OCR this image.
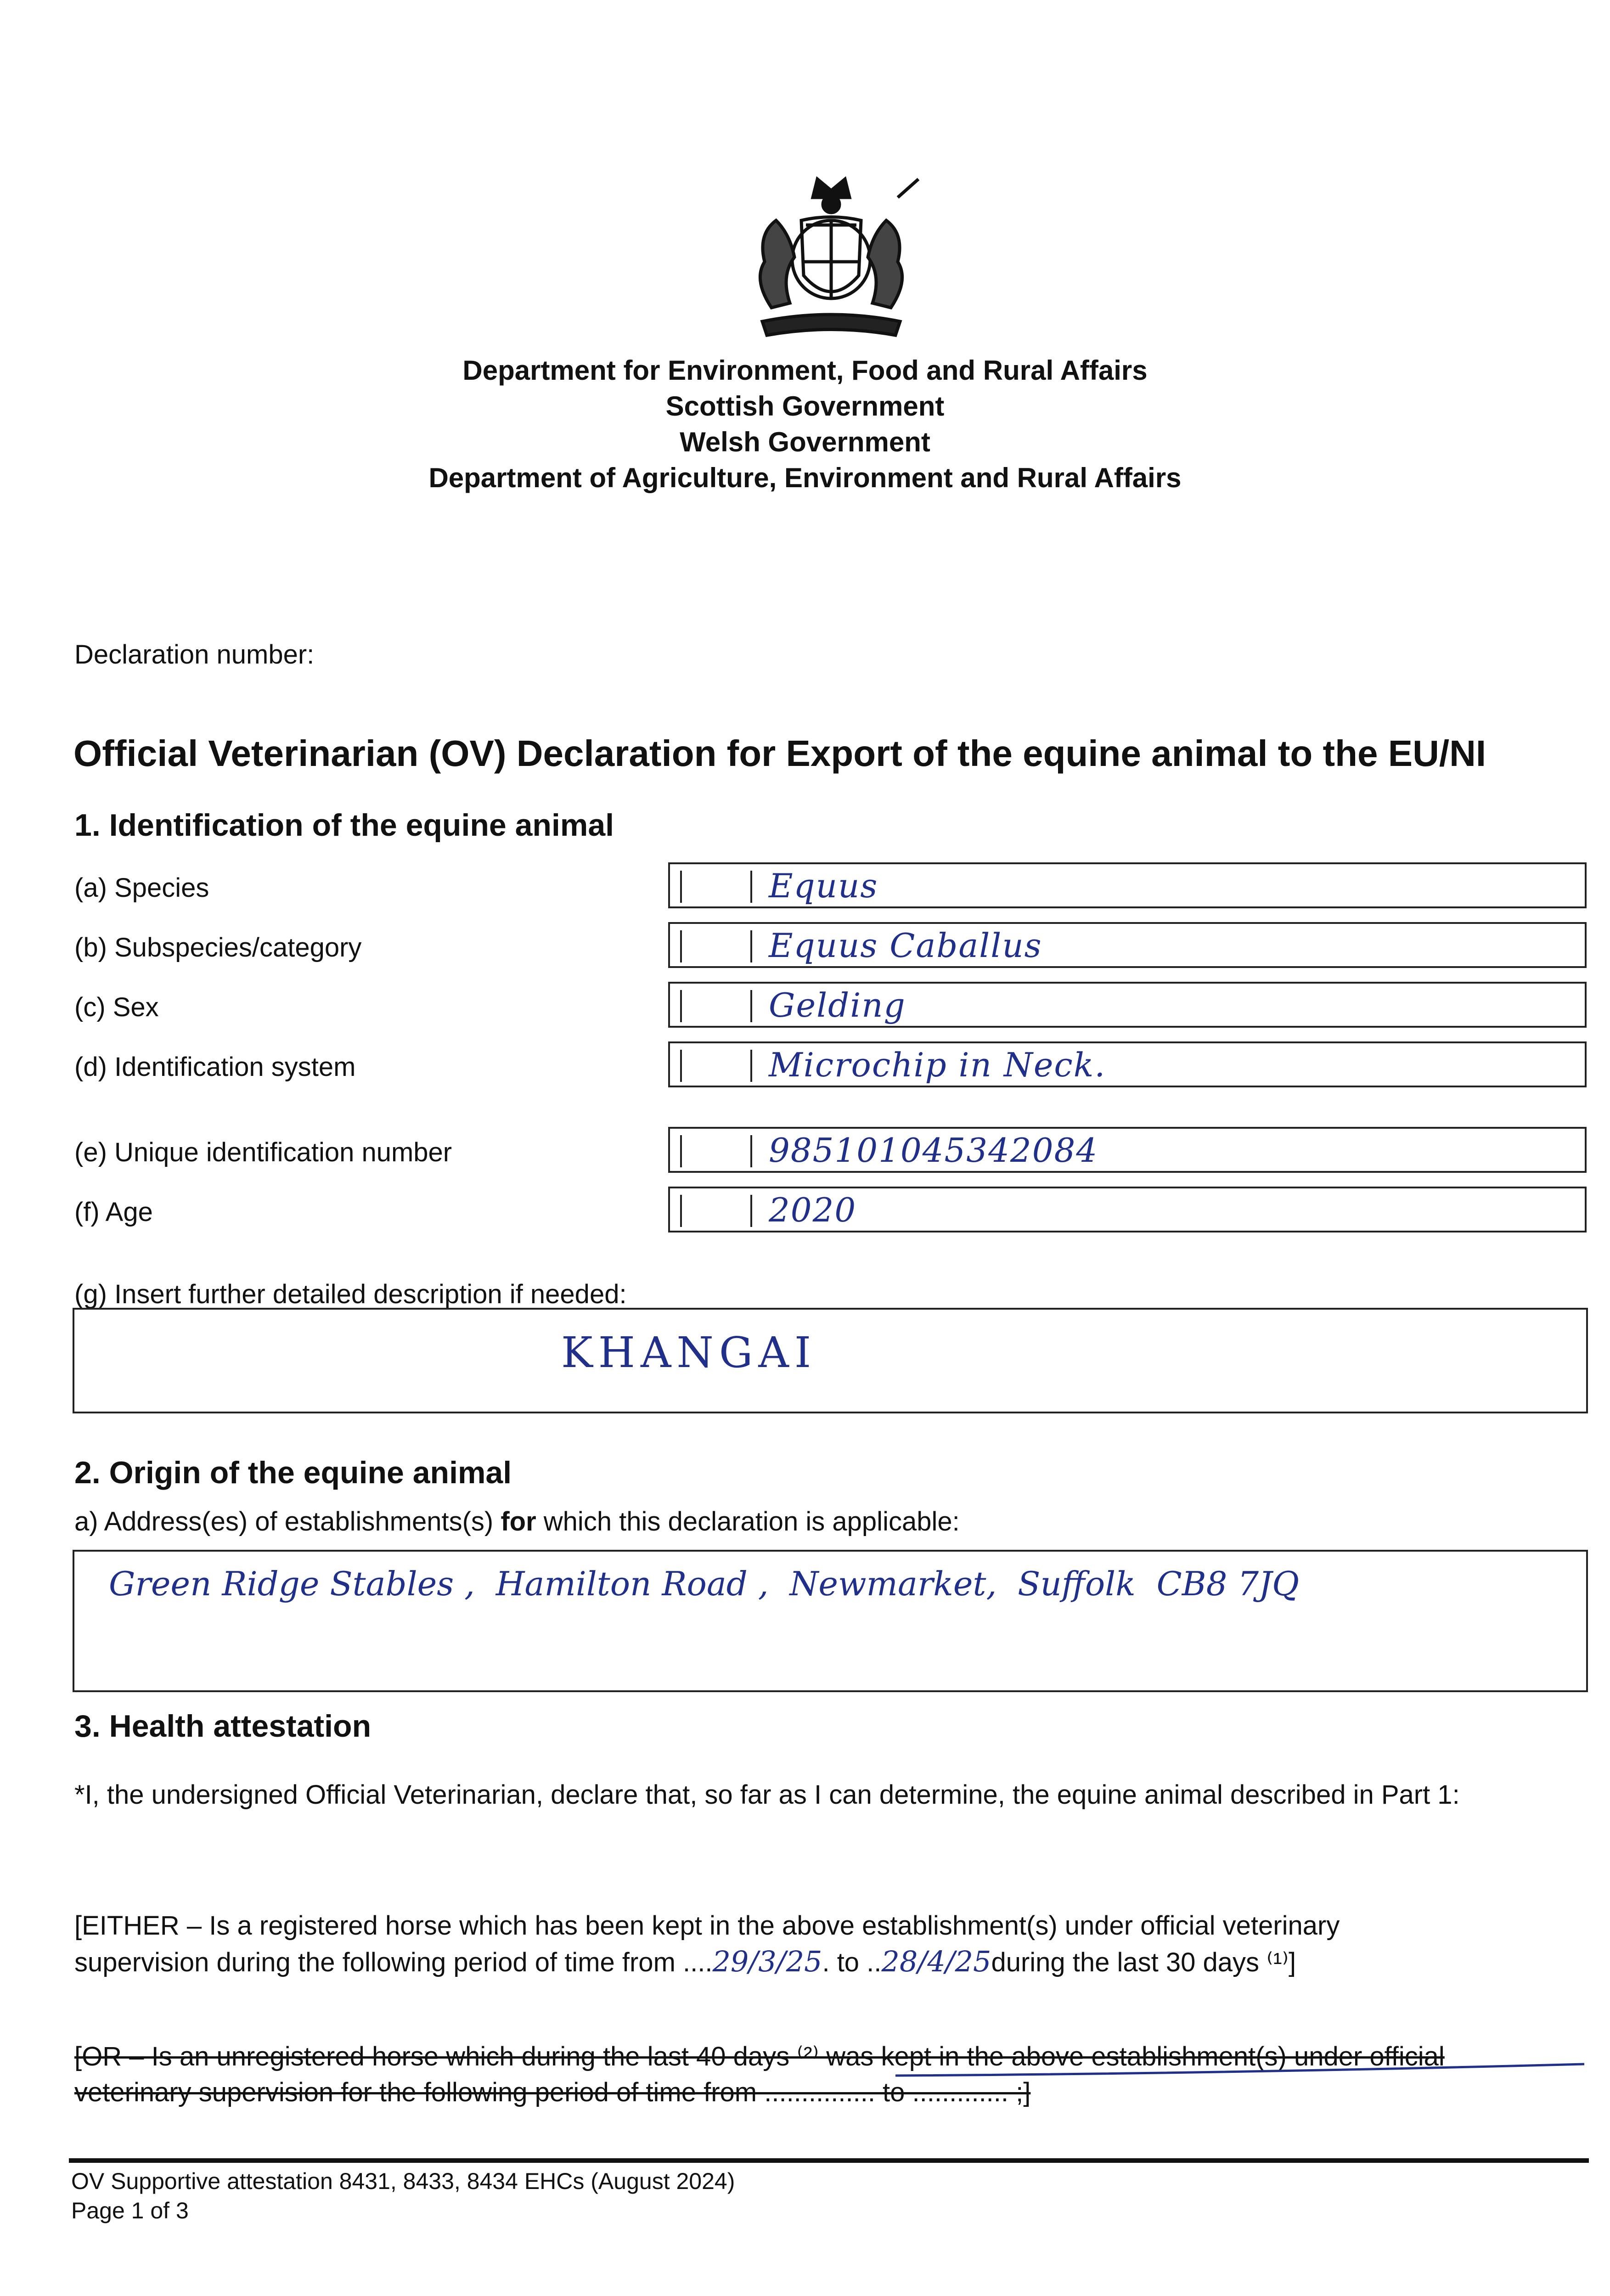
Department for Environment, Food and Rural Affairs
Scottish Government
Welsh Government
Department of Agriculture, Environment and Rural Affairs
Declaration number:
Official Veterinarian (OV) Declaration for Export of the equine animal to the EU/NI
1. Identification of the equine animal
(a) Species	Equus
(b) Subspecies/category	Equus Caballus
(c) Sex	Gelding
(d) Identification system	Microchip in Neck.
(e) Unique identification number	985101045342084
(f) Age	2020
(g) Insert further detailed description if needed:
KHANGAI
2. Origin of the equine animal
a) Address(es) of establishments(s) for which this declaration is applicable:
Green Ridge Stables ,  Hamilton Road ,  Newmarket,  Suffolk  CB8 7JQ
3. Health attestation
*I, the undersigned Official Veterinarian, declare that, so far as I can determine, the equine animal described in Part 1:
[EITHER – Is a registered horse which has been kept in the above establishment(s) under official veterinary
supervision during the following period of time from ....29/3/25. to ..28/4/25during the last 30 days ⁽¹⁾]
[OR – Is an unregistered horse which during the last 40 days ⁽²⁾ was kept in the above establishment(s) under official
veterinary supervision for the following period of time from ............... to ............. ;]
OV Supportive attestation 8431, 8433, 8434 EHCs (August 2024)
Page 1 of 3
